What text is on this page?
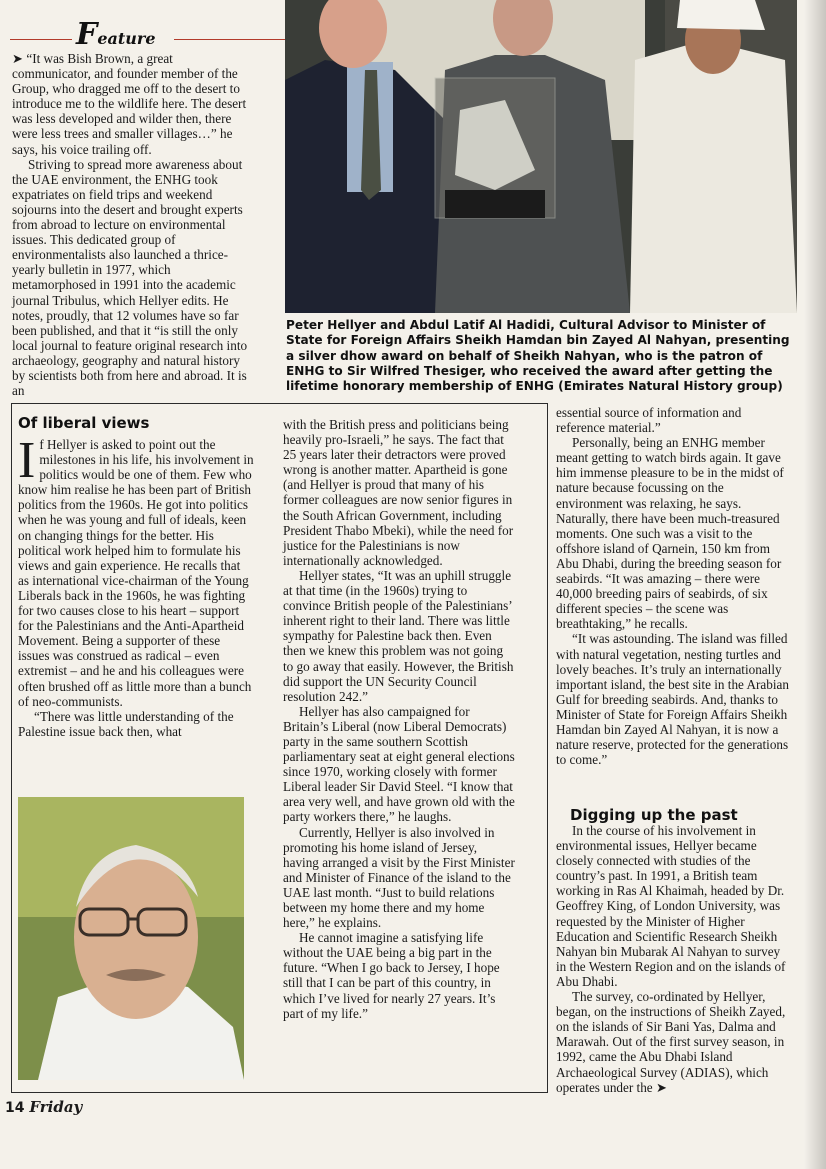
Feature

➤ “It was Bish Brown, a great communicator, and founder member of the Group, who dragged me off to the desert to introduce me to the wildlife here. The desert was less developed and wilder then, there were less trees and smaller villages…” he says, his voice trailing off.

Striving to spread more awareness about the UAE environment, the ENHG took expatriates on field trips and weekend sojourns into the desert and brought experts from abroad to lecture on environmental issues. This dedicated group of environmentalists also launched a thrice-yearly bulletin in 1977, which metamorphosed in 1991 into the academic journal Tribulus, which Hellyer edits. He notes, proudly, that 12 volumes have so far been published, and that it “is still the only local journal to feature original research into archaeology, geography and natural history by scientists both from here and abroad. It is an

Peter Hellyer and Abdul Latif Al Hadidi, Cultural Advisor to Minister of State for Foreign Affairs Sheikh Hamdan bin Zayed Al Nahyan, presenting a silver dhow award on behalf of Sheikh Nahyan, who is the patron of ENHG to Sir Wilfred Thesiger, who received the award after getting the lifetime honorary membership of ENHG (Emirates Natural History group)
Of liberal views

If Hellyer is asked to point out the milestones in his life, his involvement in politics would be one of them. Few who know him realise he has been part of British politics from the 1960s. He got into politics when he was young and full of ideals, keen on changing things for the better. His political work helped him to formulate his views and gain experience. He recalls that as international vice-chairman of the Young Liberals back in the 1960s, he was fighting for two causes close to his heart – support for the Palestinians and the Anti-Apartheid Movement. Being a supporter of these issues was construed as radical – even extremist – and he and his colleagues were often brushed off as little more than a bunch of neo-communists.

“There was little understanding of the Palestine issue back then, what

with the British press and politicians being heavily pro-Israeli,” he says. The fact that 25 years later their detractors were proved wrong is another matter. Apartheid is gone (and Hellyer is proud that many of his former colleagues are now senior figures in the South African Government, including President Thabo Mbeki), while the need for justice for the Palestinians is now internationally acknowledged.

Hellyer states, “It was an uphill struggle at that time (in the 1960s) trying to convince British people of the Palestinians’ inherent right to their land. There was little sympathy for Palestine back then. Even then we knew this problem was not going to go away that easily. However, the British did support the UN Security Council resolution 242.”

Hellyer has also campaigned for Britain’s Liberal (now Liberal Democrats) party in the same southern Scottish parliamentary seat at eight general elections since 1970, working closely with former Liberal leader Sir David Steel. “I know that area very well, and have grown old with the party workers there,” he laughs.

Currently, Hellyer is also involved in promoting his home island of Jersey, having arranged a visit by the First Minister and Minister of Finance of the island to the UAE last month. “Just to build relations between my home there and my home here,” he explains.

He cannot imagine a satisfying life without the UAE being a big part in the future. “When I go back to Jersey, I hope still that I can be part of this country, in which I’ve lived for nearly 27 years. It’s part of my life.”

essential source of information and reference material.”

Personally, being an ENHG member meant getting to watch birds again. It gave him immense pleasure to be in the midst of nature because focussing on the environment was relaxing, he says. Naturally, there have been much-treasured moments. One such was a visit to the offshore island of Qarnein, 150 km from Abu Dhabi, during the breeding season for seabirds. “It was amazing – there were 40,000 breeding pairs of seabirds, of six different species – the scene was breathtaking,” he recalls.

“It was astounding. The island was filled with natural vegetation, nesting turtles and lovely beaches. It’s truly an internationally important island, the best site in the Arabian Gulf for breeding seabirds. And, thanks to Minister of State for Foreign Affairs Sheikh Hamdan bin Zayed Al Nahyan, it is now a nature reserve, protected for the generations to come.”

Digging up the past

In the course of his involvement in environmental issues, Hellyer became closely connected with studies of the country’s past. In 1991, a British team working in Ras Al Khaimah, headed by Dr. Geoffrey King, of London University, was requested by the Minister of Higher Education and Scientific Research Sheikh Nahyan bin Mubarak Al Nahyan to survey in the Western Region and on the islands of Abu Dhabi.

The survey, co-ordinated by Hellyer, began, on the instructions of Sheikh Zayed, on the islands of Sir Bani Yas, Dalma and Marawah. Out of the first survey season, in 1992, came the Abu Dhabi Island Archaeological Survey (ADIAS), which operates under the ➤

14 Friday
